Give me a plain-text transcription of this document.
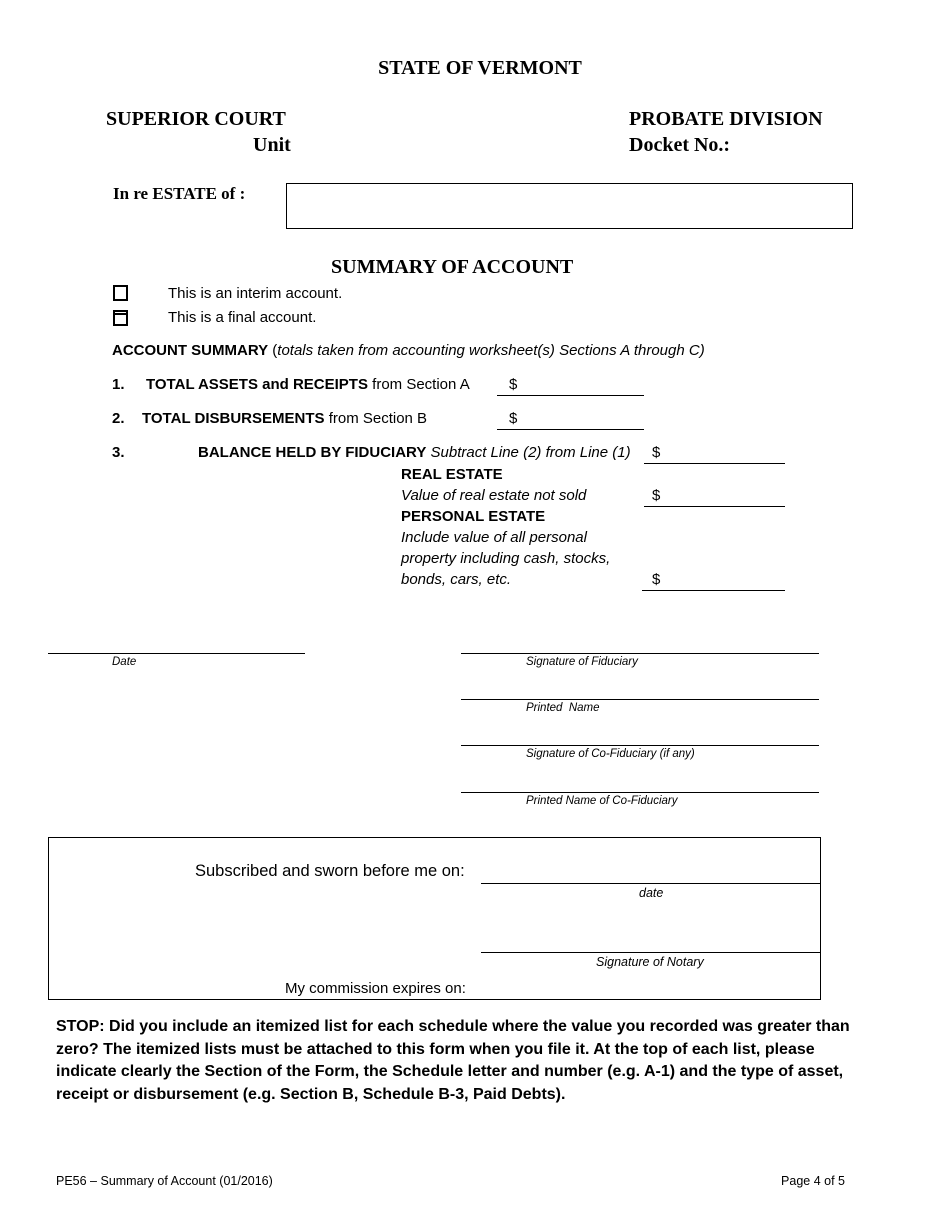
STATE OF VERMONT
SUPERIOR COURT
Unit
PROBATE DIVISION
Docket No.:
In re ESTATE of :
SUMMARY OF ACCOUNT
This is an interim account.
This is a final account.
ACCOUNT SUMMARY (totals taken from accounting worksheet(s) Sections A through C)
1. TOTAL ASSETS and RECEIPTS from Section A	$
2. TOTAL DISBURSEMENTS from Section B	$
3.	BALANCE HELD BY FIDUCIARY Subtract Line (2) from Line (1) $
REAL ESTATE
Value of real estate not sold	$
PERSONAL ESTATE
Include value of all personal
property including cash, stocks,
bonds, cars, etc.	$
Date	Signature of Fiduciary
Printed  Name
Signature of Co-Fiduciary (if any)
Printed Name of Co-Fiduciary
Subscribed and sworn before me on:
date
Signature of Notary
My commission expires on:
STOP: Did you include an itemized list for each schedule where the value you recorded was greater than zero? The itemized lists must be attached to this form when you file it. At the top of each list, please indicate clearly the Section of the Form, the Schedule letter and number (e.g. A-1) and the type of asset, receipt or disbursement (e.g. Section B, Schedule B-3, Paid Debts).
PE56 – Summary of Account (01/2016)	Page 4 of 5
